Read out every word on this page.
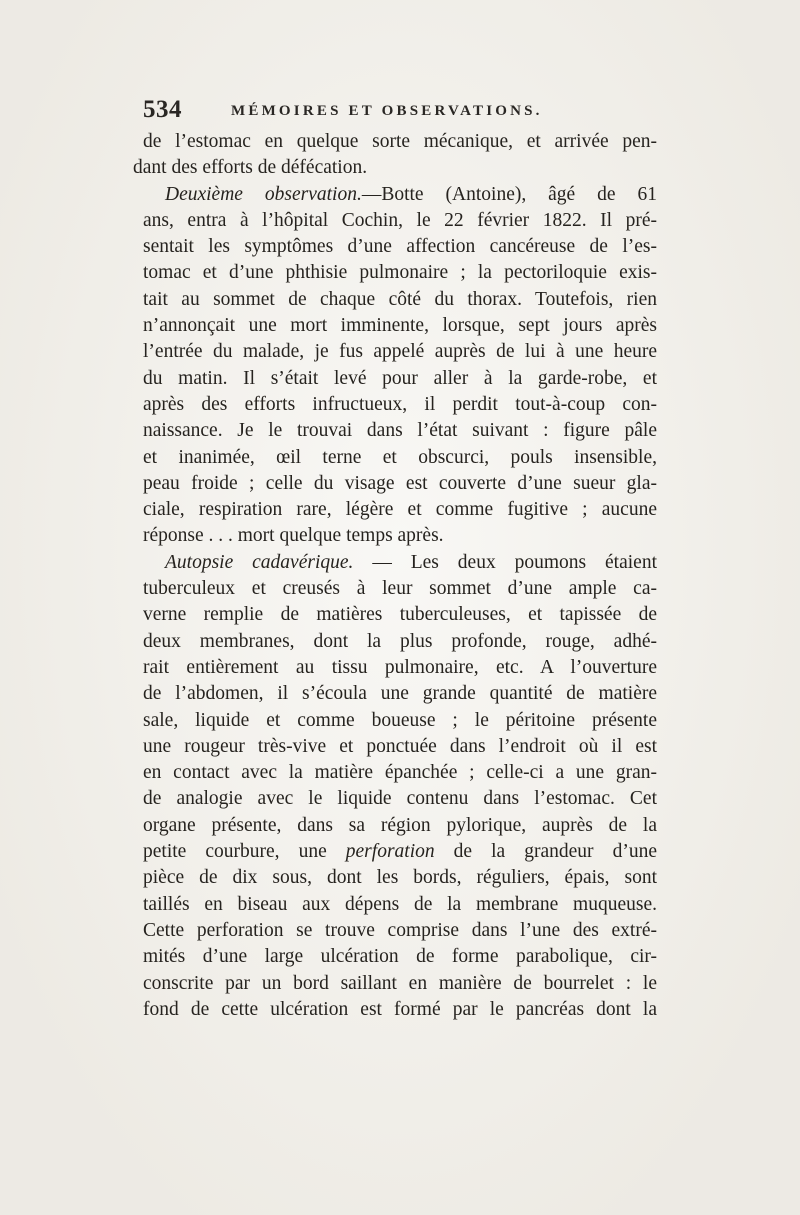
534	MÉMOIRES ET OBSERVATIONS.
de l’estomac en quelque sorte mécanique, et arrivée pen-
dant des efforts de défécation.
Deuxième observation.—Botte (Antoine), âgé de 61
ans, entra à l’hôpital Cochin, le 22 février 1822. Il pré-
sentait les symptômes d’une affection cancéreuse de l’es-
tomac et d’une phthisie pulmonaire ; la pectoriloquie exis-
tait au sommet de chaque côté du thorax. Toutefois, rien
n’annonçait une mort imminente, lorsque, sept jours après
l’entrée du malade, je fus appelé auprès de lui à une heure
du matin. Il s’était levé pour aller à la garde-robe, et
après des efforts infructueux, il perdit tout-à-coup con-
naissance. Je le trouvai dans l’état suivant : figure pâle
et inanimée, œil terne et obscurci, pouls insensible,
peau froide ; celle du visage est couverte d’une sueur gla-
ciale, respiration rare, légère et comme fugitive ; aucune
réponse . . . mort quelque temps après.
Autopsie cadavérique. — Les deux poumons étaient
tuberculeux et creusés à leur sommet d’une ample ca-
verne remplie de matières tuberculeuses, et tapissée de
deux membranes, dont la plus profonde, rouge, adhé-
rait entièrement au tissu pulmonaire, etc. A l’ouverture
de l’abdomen, il s’écoula une grande quantité de matière
sale, liquide et comme boueuse ; le péritoine présente
une rougeur très-vive et ponctuée dans l’endroit où il est
en contact avec la matière épanchée ; celle-ci a une gran-
de analogie avec le liquide contenu dans l’estomac. Cet
organe présente, dans sa région pylorique, auprès de la
petite courbure, une perforation de la grandeur d’une
pièce de dix sous, dont les bords, réguliers, épais, sont
taillés en biseau aux dépens de la membrane muqueuse.
Cette perforation se trouve comprise dans l’une des extré-
mités d’une large ulcération de forme parabolique, cir-
conscrite par un bord saillant en manière de bourrelet : le
fond de cette ulcération est formé par le pancréas dont la
